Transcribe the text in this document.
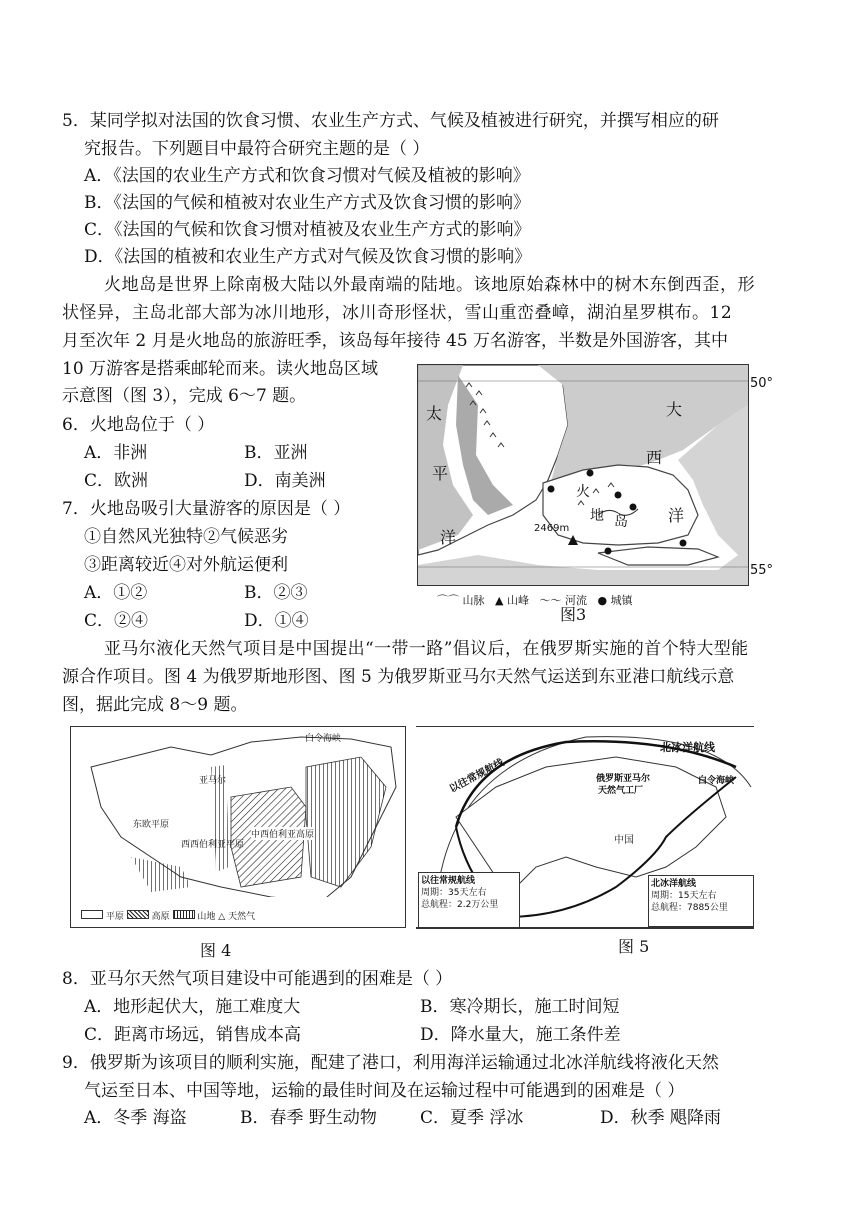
5．某同学拟对法国的饮食习惯、农业生产方式、气候及植被进行研究，并撰写相应的研
究报告。下列题目中最符合研究主题的是（ ）
A．《法国的农业生产方式和饮食习惯对气候及植被的影响》
B．《法国的气候和植被对农业生产方式及饮食习惯的影响》
C．《法国的气候和饮食习惯对植被及农业生产方式的影响》
D．《法国的植被和农业生产方式对气候及饮食习惯的影响》
火地岛是世界上除南极大陆以外最南端的陆地。该地原始森林中的树木东倒西歪，形
状怪异，主岛北部大部为冰川地形，冰川奇形怪状，雪山重峦叠嶂，湖泊星罗棋布。12
月至次年 2 月是火地岛的旅游旺季，该岛每年接待 45 万名游客，半数是外国游客，其中
10 万游客是搭乘邮轮而来。读火地岛区域
示意图（图 3），完成 6～7 题。
6．火地岛位于（ ）
A．非洲	B．亚洲
C．欧洲	D．南美洲
7．火地岛吸引大量游客的原因是（ ）
①自然风光独特②气候恶劣
③距离较近④对外航运便利
A．①②	B．②③
C．②④	D．①④
太
平
洋
大
西
洋
火
地 岛
2469m
50°
55°
⌒⌒ 山脉 ▲ 山峰 ～～ 河流 ● 城镇
图3
亚马尔液化天然气项目是中国提出“一带一路”倡议后，在俄罗斯实施的首个特大型能
源合作项目。图 4 为俄罗斯地形图、图 5 为俄罗斯亚马尔天然气运送到东亚港口航线示意
图，据此完成 8～9 题。
白令海峡
亚马尔
东欧平原
西西伯利亚平原
中西伯利亚高原
平原	高原	山地 △ 天然气
图 4
北冰洋航线
以往常规航线	俄罗斯亚马尔
天然气工厂
白令海峡
中国
以往常规航线
周期：35天左右
总航程：2.2万公里
北冰洋航线
周期：15天左右
总航程：7885公里
图 5
8．亚马尔天然气项目建设中可能遇到的困难是（ ）
A．地形起伏大，施工难度大	B．寒冷期长，施工时间短
C．距离市场远，销售成本高	D．降水量大，施工条件差
9．俄罗斯为该项目的顺利实施，配建了港口，利用海洋运输通过北冰洋航线将液化天然
气运至日本、中国等地，运输的最佳时间及在运输过程中可能遇到的困难是（ ）
A．冬季 海盗	B．春季 野生动物	C．夏季 浮冰	D．秋季 飓降雨
